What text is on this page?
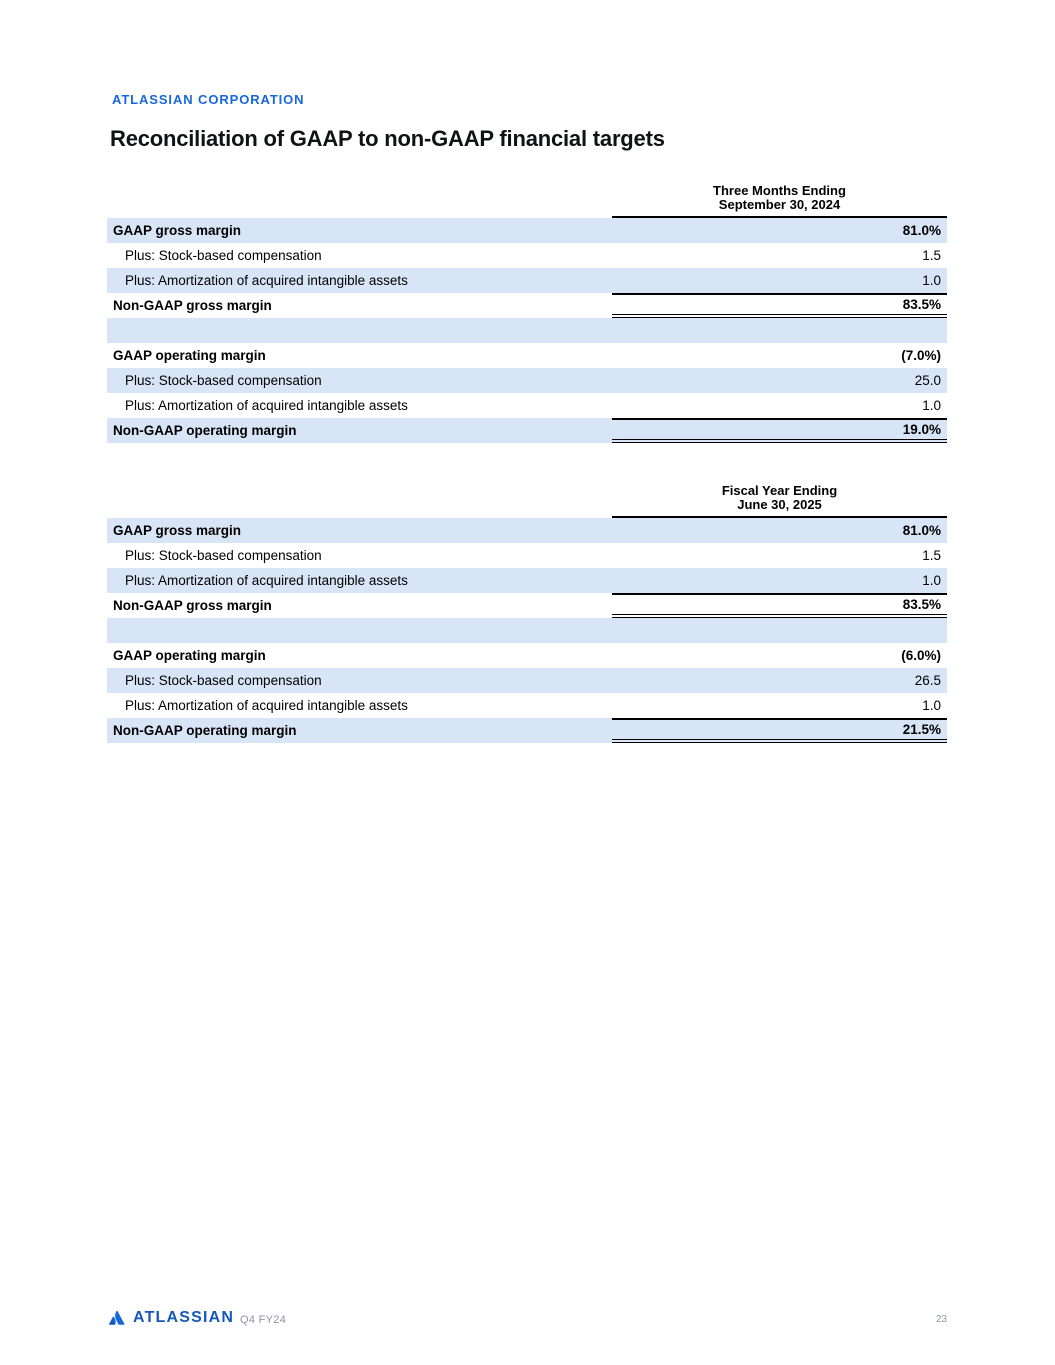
ATLASSIAN CORPORATION
Reconciliation of GAAP to non-GAAP financial targets
Three Months Ending
September 30, 2024
GAAP gross margin	81.0%
Plus: Stock-based compensation	1.5
Plus: Amortization of acquired intangible assets	1.0
Non-GAAP gross margin	83.5%
GAAP operating margin	(7.0%)
Plus: Stock-based compensation	25.0
Plus: Amortization of acquired intangible assets	1.0
Non-GAAP operating margin	19.0%
Fiscal Year Ending
June 30, 2025
GAAP gross margin	81.0%
Plus: Stock-based compensation	1.5
Plus: Amortization of acquired intangible assets	1.0
Non-GAAP gross margin	83.5%
GAAP operating margin	(6.0%)
Plus: Stock-based compensation	26.5
Plus: Amortization of acquired intangible assets	1.0
Non-GAAP operating margin	21.5%
ATLASSIAN Q4 FY24	23
